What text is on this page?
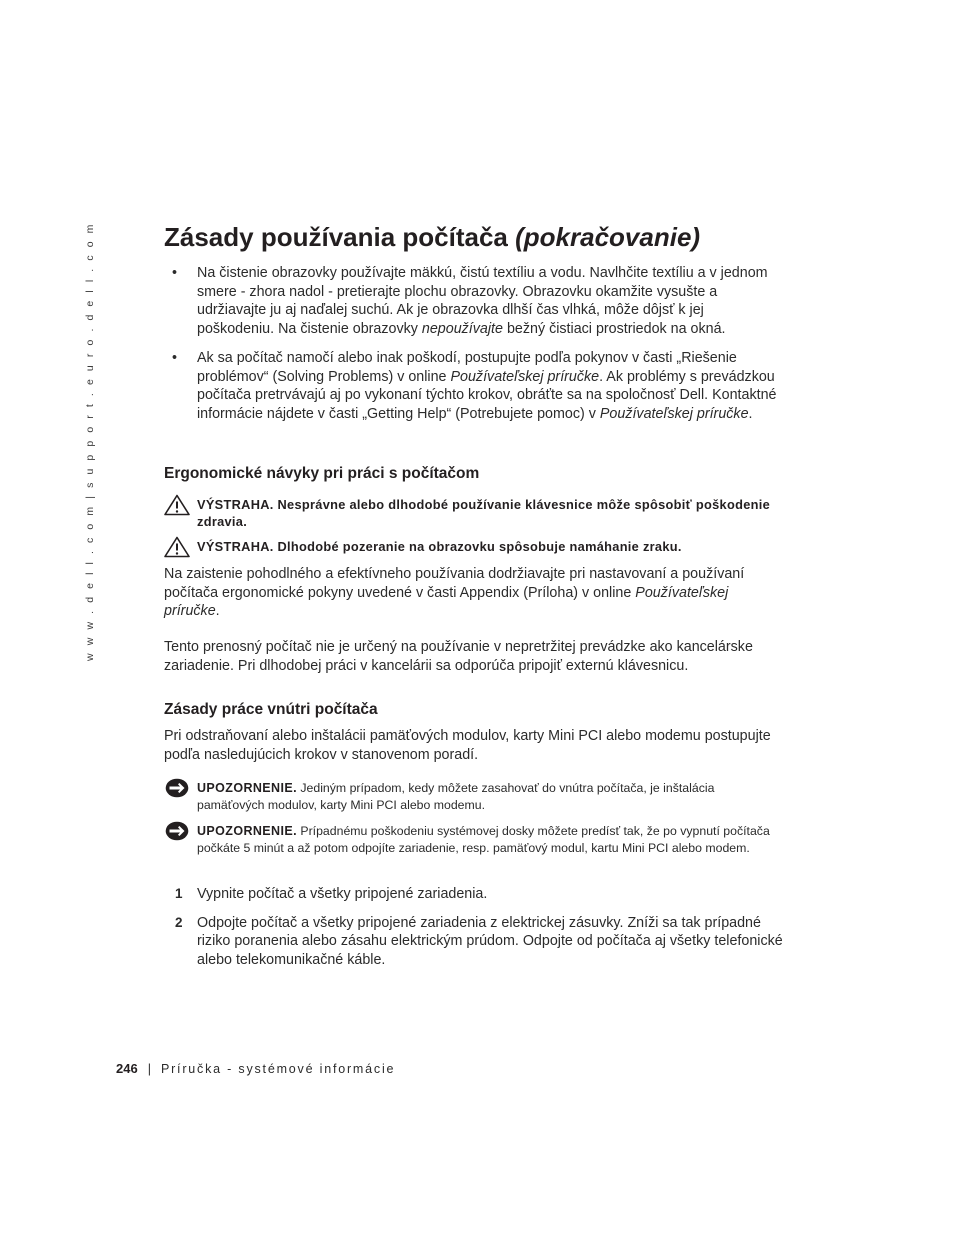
w w w . d e l l . c o m | s u p p o r t . e u r o . d e l l . c o m	Zásady používania počítača (pokračovanie)
• Na čistenie obrazovky používajte mäkkú, čistú textíliu a vodu. Navlhčite textíliu a v jednom smere - zhora nadol - pretierajte plochu obrazovky. Obrazovku okamžite vysušte a udržiavajte ju aj naďalej suchú. Ak je obrazovka dlhší čas vlhká, môže dôjsť k jej poškodeniu. Na čistenie obrazovky nepoužívajte bežný čistiaci prostriedok na okná.
• Ak sa počítač namočí alebo inak poškodí, postupujte podľa pokynov v časti „Riešenie problémov“ (Solving Problems) v online Používateľskej príručke. Ak problémy s prevádzkou počítača pretrvávajú aj po vykonaní týchto krokov, obráťte sa na spoločnosť Dell. Kontaktné informácie nájdete v časti „Getting Help“ (Potrebujete pomoc) v Používateľskej príručke.
Ergonomické návyky pri práci s počítačom
VÝSTRAHA. Nesprávne alebo dlhodobé používanie klávesnice môže spôsobiť poškodenie zdravia.
VÝSTRAHA. Dlhodobé pozeranie na obrazovku spôsobuje namáhanie zraku.

Na zaistenie pohodlného a efektívneho používania dodržiavajte pri nastavovaní a používaní počítača ergonomické pokyny uvedené v časti Appendix (Príloha) v online Používateľskej príručke.

Tento prenosný počítač nie je určený na používanie v nepretržitej prevádzke ako kancelárske zariadenie. Pri dlhodobej práci v kancelárii sa odporúča pripojiť externú klávesnicu.

Zásady práce vnútri počítača

Pri odstraňovaní alebo inštalácii pamäťových modulov, karty Mini PCI alebo modemu postupujte podľa nasledujúcich krokov v stanovenom poradí.

UPOZORNENIE. Jediným prípadom, kedy môžete zasahovať do vnútra počítača, je inštalácia pamäťových modulov, karty Mini PCI alebo modemu.
UPOZORNENIE. Prípadnému poškodeniu systémovej dosky môžete predísť tak, že po vypnutí počítača počkáte 5 minút a až potom odpojíte zariadenie, resp. pamäťový modul, kartu Mini PCI alebo modem.
1 Vypnite počítač a všetky pripojené zariadenia.
2 Odpojte počítač a všetky pripojené zariadenia z elektrickej zásuvky. Zníži sa tak prípadné riziko poranenia alebo zásahu elektrickým prúdom. Odpojte od počítača aj všetky telefonické alebo telekomunikačné káble.
246 | Príručka - systémové informácie
